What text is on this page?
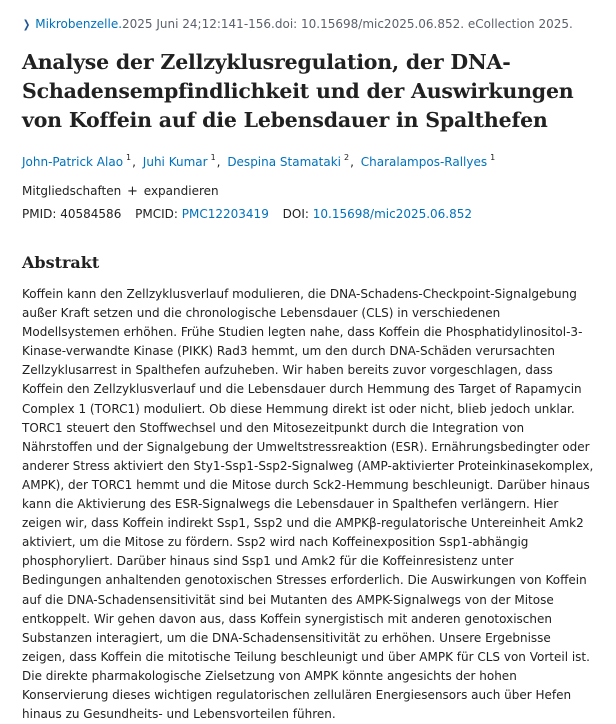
❯ Mikrobenzelle.2025 Juni 24;12:141-156.doi: 10.15698/mic2025.06.852. eCollection 2025.
Analyse der Zellzyklusregulation, der DNA-Schadensempfindlichkeit und der Auswirkungen von Koffein auf die Lebensdauer in Spalthefen
John-Patrick Alao $^1$, Juhi Kumar $^1$, Despina Stamataki $^2$, Charalampos-Rallyes $^1$
Mitgliedschaften + expandieren
PMID: 40584586 PMCID: PMC12203419 DOI: 10.15698/mic2025.06.852
Abstrakt
Koffein kann den Zellzyklusverlauf modulieren, die DNA-Schadens-Checkpoint-Signalgebung außer Kraft setzen und die chronologische Lebensdauer (CLS) in verschiedenen Modellsystemen erhöhen. Frühe Studien legten nahe, dass Koffein die Phosphatidylinositol-3-Kinase-verwandte Kinase (PIKK) Rad3 hemmt, um den durch DNA-Schäden verursachten Zellzyklusarrest in Spalthefen aufzuheben. Wir haben bereits zuvor vorgeschlagen, dass Koffein den Zellzyklusverlauf und die Lebensdauer durch Hemmung des Target of Rapamycin Complex 1 (TORC1) moduliert. Ob diese Hemmung direkt ist oder nicht, blieb jedoch unklar. TORC1 steuert den Stoffwechsel und den Mitosezeitpunkt durch die Integration von Nährstoffen und der Signalgebung der Umweltstressreaktion (ESR). Ernährungsbedingter oder anderer Stress aktiviert den Sty1-Ssp1-Ssp2-Signalweg (AMP-aktivierter Proteinkinasekomplex, AMPK), der TORC1 hemmt und die Mitose durch Sck2-Hemmung beschleunigt. Darüber hinaus kann die Aktivierung des ESR-Signalwegs die Lebensdauer in Spalthefen verlängern. Hier zeigen wir, dass Koffein indirekt Ssp1, Ssp2 und die AMPKβ-regulatorische Untereinheit Amk2 aktiviert, um die Mitose zu fördern. Ssp2 wird nach Koffeinexposition Ssp1-abhängig phosphoryliert. Darüber hinaus sind Ssp1 und Amk2 für die Koffeinresistenz unter Bedingungen anhaltenden genotoxischen Stresses erforderlich. Die Auswirkungen von Koffein auf die DNA-Schadensensitivität sind bei Mutanten des AMPK-Signalwegs von der Mitose entkoppelt. Wir gehen davon aus, dass Koffein synergistisch mit anderen genotoxischen Substanzen interagiert, um die DNA-Schadensensitivität zu erhöhen. Unsere Ergebnisse zeigen, dass Koffein die mitotische Teilung beschleunigt und über AMPK für CLS von Vorteil ist. Die direkte pharmakologische Zielsetzung von AMPK könnte angesichts der hohen Konservierung dieses wichtigen regulatorischen zellulären Energiesensors auch über Hefen hinaus zu Gesundheits- und Lebensvorteilen führen.
